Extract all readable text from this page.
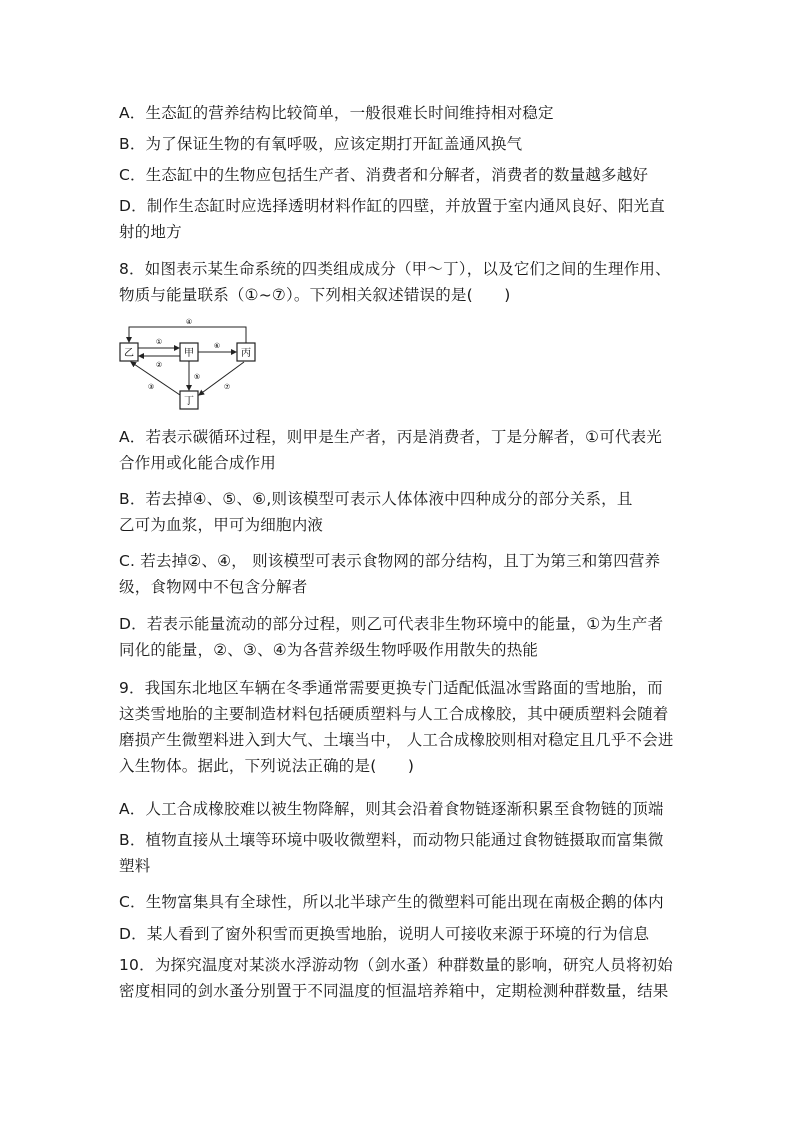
A．生态缸的营养结构比较简单，一般很难长时间维持相对稳定
B．为了保证生物的有氧呼吸，应该定期打开缸盖通风换气
C．生态缸中的生物应包括生产者、消费者和分解者，消费者的数量越多越好
D．制作生态缸时应选择透明材料作缸的四壁，并放置于室内通风良好、阳光直
射的地方
8．如图表示某生命系统的四类组成成分（甲～丁），以及它们之间的生理作用、
物质与能量联系（①~⑦）。下列相关叙述错误的是(　　)
乙	甲	丙
丁
④
①
②
⑥
⑤
③	⑦
A．若表示碳循环过程，则甲是生产者，丙是消费者，丁是分解者，①可代表光
合作用或化能合成作用
B．若去掉④、⑤、⑥,则该模型可表示人体体液中四种成分的部分关系，且
乙可为血浆，甲可为细胞内液
C. 若去掉②、④， 则该模型可表示食物网的部分结构，且丁为第三和第四营养
级，食物网中不包含分解者
D．若表示能量流动的部分过程，则乙可代表非生物环境中的能量，①为生产者
同化的能量，②、③、④为各营养级生物呼吸作用散失的热能
9．我国东北地区车辆在冬季通常需要更换专门适配低温冰雪路面的雪地胎，而
这类雪地胎的主要制造材料包括硬质塑料与人工合成橡胶，其中硬质塑料会随着
磨损产生微塑料进入到大气、土壤当中， 人工合成橡胶则相对稳定且几乎不会进
入生物体。据此，下列说法正确的是(　　)
A．人工合成橡胶难以被生物降解，则其会沿着食物链逐渐积累至食物链的顶端
B．植物直接从土壤等环境中吸收微塑料，而动物只能通过食物链摄取而富集微
塑料
C．生物富集具有全球性，所以北半球产生的微塑料可能出现在南极企鹅的体内
D．某人看到了窗外积雪而更换雪地胎，说明人可接收来源于环境的行为信息
10．为探究温度对某淡水浮游动物（剑水蚤）种群数量的影响，研究人员将初始
密度相同的剑水蚤分别置于不同温度的恒温培养箱中，定期检测种群数量，结果
